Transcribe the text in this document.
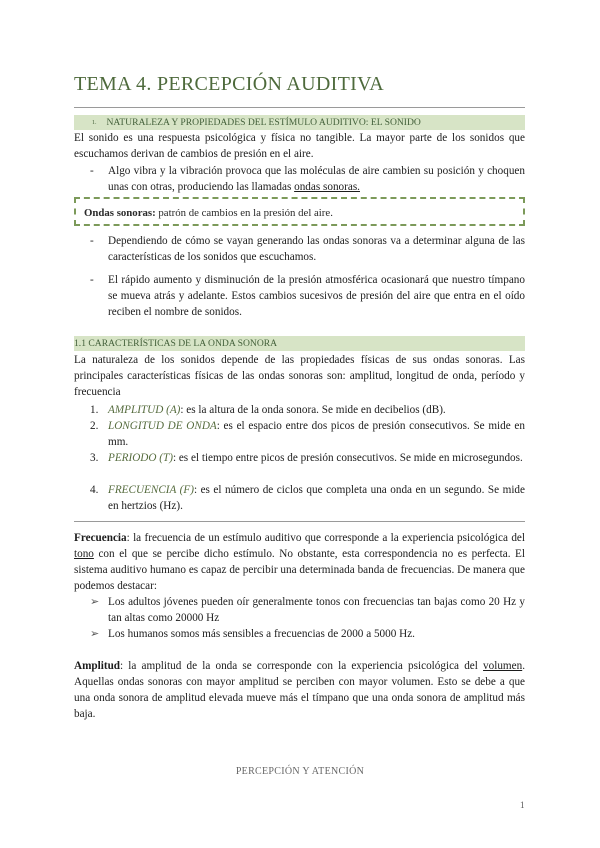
TEMA 4. PERCEPCIÓN AUDITIVA
1. NATURALEZA Y PROPIEDADES DEL ESTÍMULO AUDITIVO: EL SONIDO
El sonido es una respuesta psicológica y física no tangible. La mayor parte de los sonidos que escuchamos derivan de cambios de presión en el aire.
- Algo vibra y la vibración provoca que las moléculas de aire cambien su posición y choquen unas con otras, produciendo las llamadas ondas sonoras.
Ondas sonoras: patrón de cambios en la presión del aire.
- Dependiendo de cómo se vayan generando las ondas sonoras va a determinar alguna de las características de los sonidos que escuchamos.
- El rápido aumento y disminución de la presión atmosférica ocasionará que nuestro tímpano se mueva atrás y adelante. Estos cambios sucesivos de presión del aire que entra en el oído reciben el nombre de sonidos.
1.1 CARACTERÍSTICAS DE LA ONDA SONORA
La naturaleza de los sonidos depende de las propiedades físicas de sus ondas sonoras. Las principales características físicas de las ondas sonoras son: amplitud, longitud de onda, período y frecuencia
1. AMPLITUD (A): es la altura de la onda sonora. Se mide en decibelios (dB).
2. LONGITUD DE ONDA: es el espacio entre dos picos de presión consecutivos. Se mide en mm.
3. PERIODO (T): es el tiempo entre picos de presión consecutivos. Se mide en microsegundos.
4. FRECUENCIA (F): es el número de ciclos que completa una onda en un segundo. Se mide en hertzios (Hz).
Frecuencia: la frecuencia de un estímulo auditivo que corresponde a la experiencia psicológica del tono con el que se percibe dicho estímulo. No obstante, esta correspondencia no es perfecta. El sistema auditivo humano es capaz de percibir una determinada banda de frecuencias. De manera que podemos destacar:
➢ Los adultos jóvenes pueden oír generalmente tonos con frecuencias tan bajas como 20 Hz y tan altas como 20000 Hz
➢ Los humanos somos más sensibles a frecuencias de 2000 a 5000 Hz.
Amplitud: la amplitud de la onda se corresponde con la experiencia psicológica del volumen. Aquellas ondas sonoras con mayor amplitud se perciben con mayor volumen. Esto se debe a que una onda sonora de amplitud elevada mueve más el tímpano que una onda sonora de amplitud más baja.
PERCEPCIÓN Y ATENCIÓN
1
